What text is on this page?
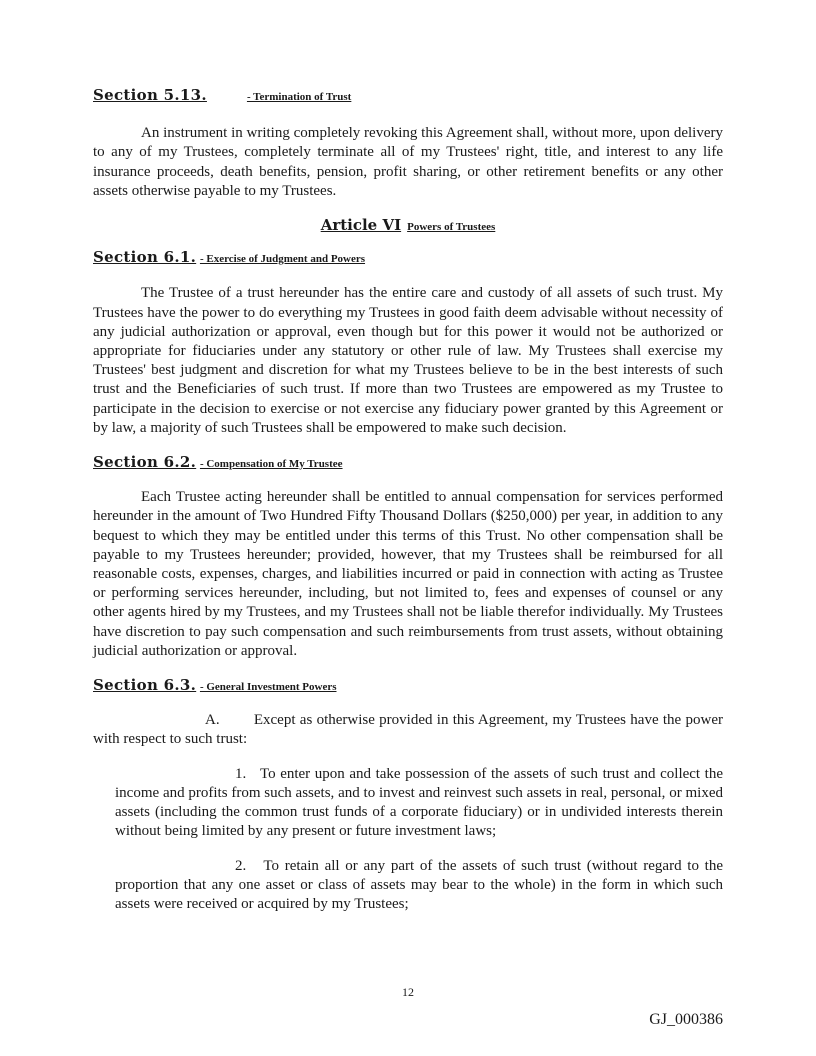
Section 5.13.	- Termination of Trust

An instrument in writing completely revoking this Agreement shall, without more, upon delivery to any of my Trustees, completely terminate all of my Trustees' right, title, and interest to any life insurance proceeds, death benefits, pension, profit sharing, or other retirement benefits or any other assets otherwise payable to my Trustees.

Article VI Powers of Trustees
Section 6.1. - Exercise of Judgment and Powers

The Trustee of a trust hereunder has the entire care and custody of all assets of such trust. My Trustees have the power to do everything my Trustees in good faith deem advisable without necessity of any judicial authorization or approval, even though but for this power it would not be authorized or appropriate for fiduciaries under any statutory or other rule of law. My Trustees shall exercise my Trustees' best judgment and discretion for what my Trustees believe to be in the best interests of such trust and the Beneficiaries of such trust. If more than two Trustees are empowered as my Trustee to participate in the decision to exercise or not exercise any fiduciary power granted by this Agreement or by law, a majority of such Trustees shall be empowered to make such decision.

Section 6.2. - Compensation of My Trustee

Each Trustee acting hereunder shall be entitled to annual compensation for services performed hereunder in the amount of Two Hundred Fifty Thousand Dollars ($250,000) per year, in addition to any bequest to which they may be entitled under this terms of this Trust. No other compensation shall be payable to my Trustees hereunder; provided, however, that my Trustees shall be reimbursed for all reasonable costs, expenses, charges, and liabilities incurred or paid in connection with acting as Trustee or performing services hereunder, including, but not limited to, fees and expenses of counsel or any other agents hired by my Trustees, and my Trustees shall not be liable therefor individually. My Trustees have discretion to pay such compensation and such reimbursements from trust assets, without obtaining judicial authorization or approval.

Section 6.3. - General Investment Powers

A.        Except as otherwise provided in this Agreement, my Trustees have the power with respect to such trust:

1.   To enter upon and take possession of the assets of such trust and collect the income and profits from such assets, and to invest and reinvest such assets in real, personal, or mixed assets (including the common trust funds of a corporate fiduciary) or in undivided interests therein without being limited by any present or future investment laws;

2.   To retain all or any part of the assets of such trust (without regard to the proportion that any one asset or class of assets may bear to the whole) in the form in which such assets were received or acquired by my Trustees;

12
GJ_000386
